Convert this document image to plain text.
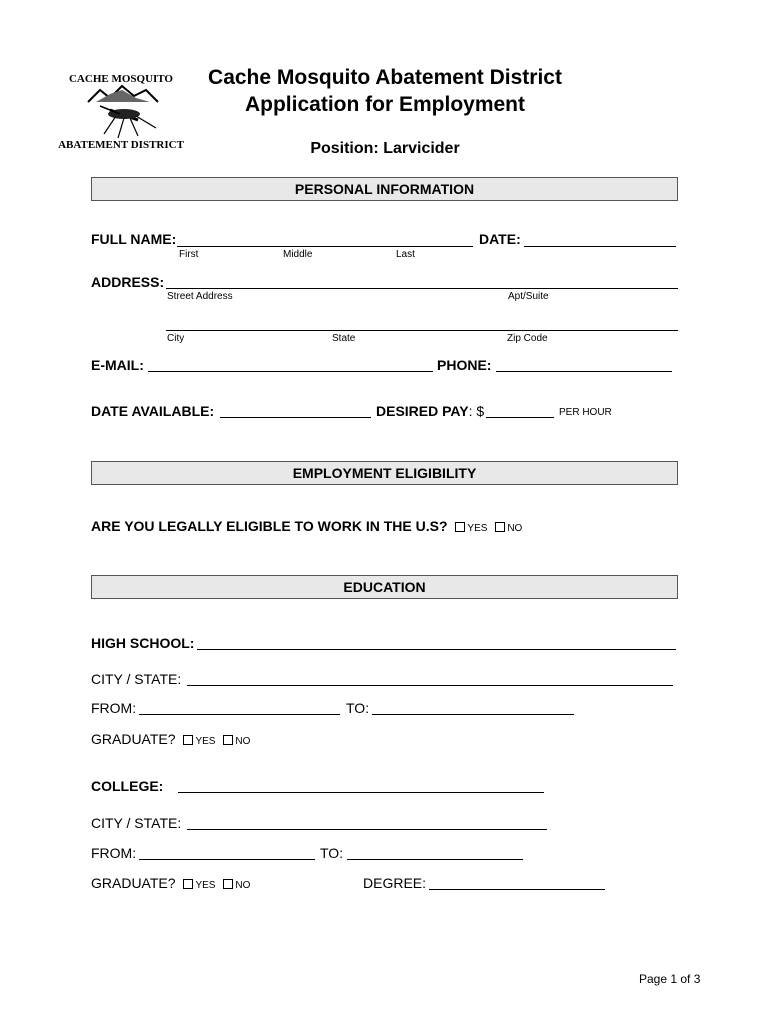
CACHE MOSQUITO
ABATEMENT DISTRICT
Cache Mosquito Abatement District
Application for Employment
Position: Larvicider
PERSONAL INFORMATION
FULL NAME:
First	Middle	Last
DATE:
ADDRESS:
Street Address	Apt/Suite
City	State	Zip Code
E-MAIL:	PHONE:
DATE AVAILABLE:	DESIRED PAY: $	PER HOUR
EMPLOYMENT ELIGIBILITY
ARE YOU LEGALLY ELIGIBLE TO WORK IN THE U.S? YES NO
EDUCATION
HIGH SCHOOL:
CITY / STATE:
FROM:	TO:
GRADUATE? YES NO
COLLEGE:
CITY / STATE:
FROM:	TO:
GRADUATE? YES NO	DEGREE:
Page 1 of 3
